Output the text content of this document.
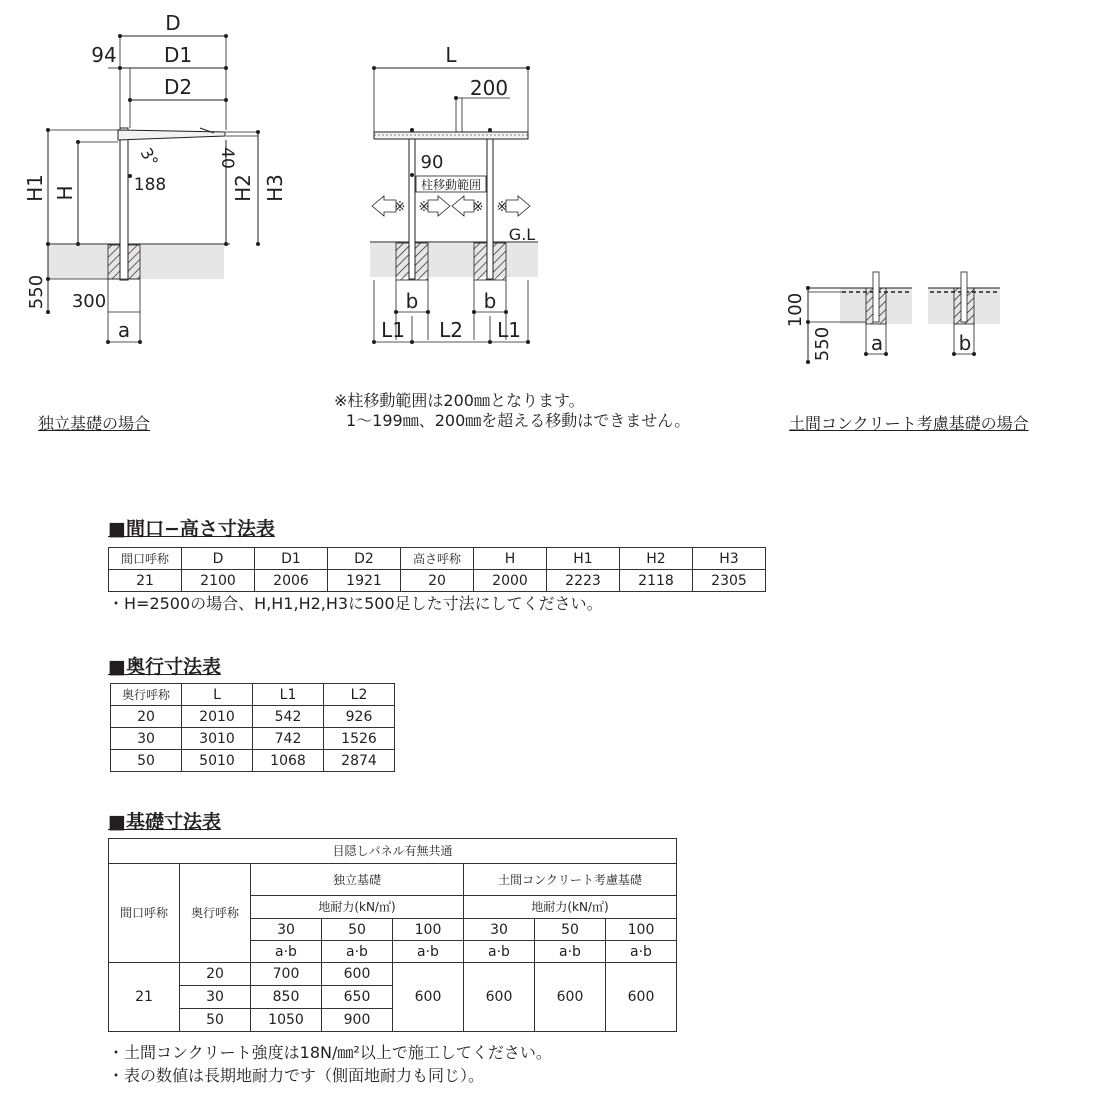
D
D1
94
D2
H1 H	H2 H3
40
3°
188
550 300
a
独立基礎の場合
L
200
90
柱移動範囲
※ ※	※ ※
G.L
b	b
L1 L2 L1
※柱移動範囲は200㎜となります。
1〜199㎜、200㎜を超える移動はできません。
100
550 a	b
土間コンクリート考慮基礎の場合
■間口−高さ寸法表
間口呼称	D	D1	D2	高さ呼称	H	H1	H2	H3
21	2100	2006	1921	20	2000	2223	2118	2305
・H=2500の場合、H,H1,H2,H3に500足した寸法にしてください。
■奥行寸法表
奥行呼称	L	L1	L2
20	2010	542	926
30	3010	742	1526
50	5010	1068	2874
■基礎寸法表
目隠しパネル有無共通							
間口呼称	奥行呼称	独立基礎			土間コンクリート考慮基礎		
		地耐力(kN/㎡)			地耐力(kN/㎡)		
		30	50	100	30	50	100
		a·b	a·b	a·b	a·b	a·b	a·b
21	20	700	600	600	600	600	600
	30	850	650				
	50	1050	900				
・土間コンクリート強度は18N/㎜²以上で施工してください。
・表の数値は長期地耐力です（側面地耐力も同じ）。
